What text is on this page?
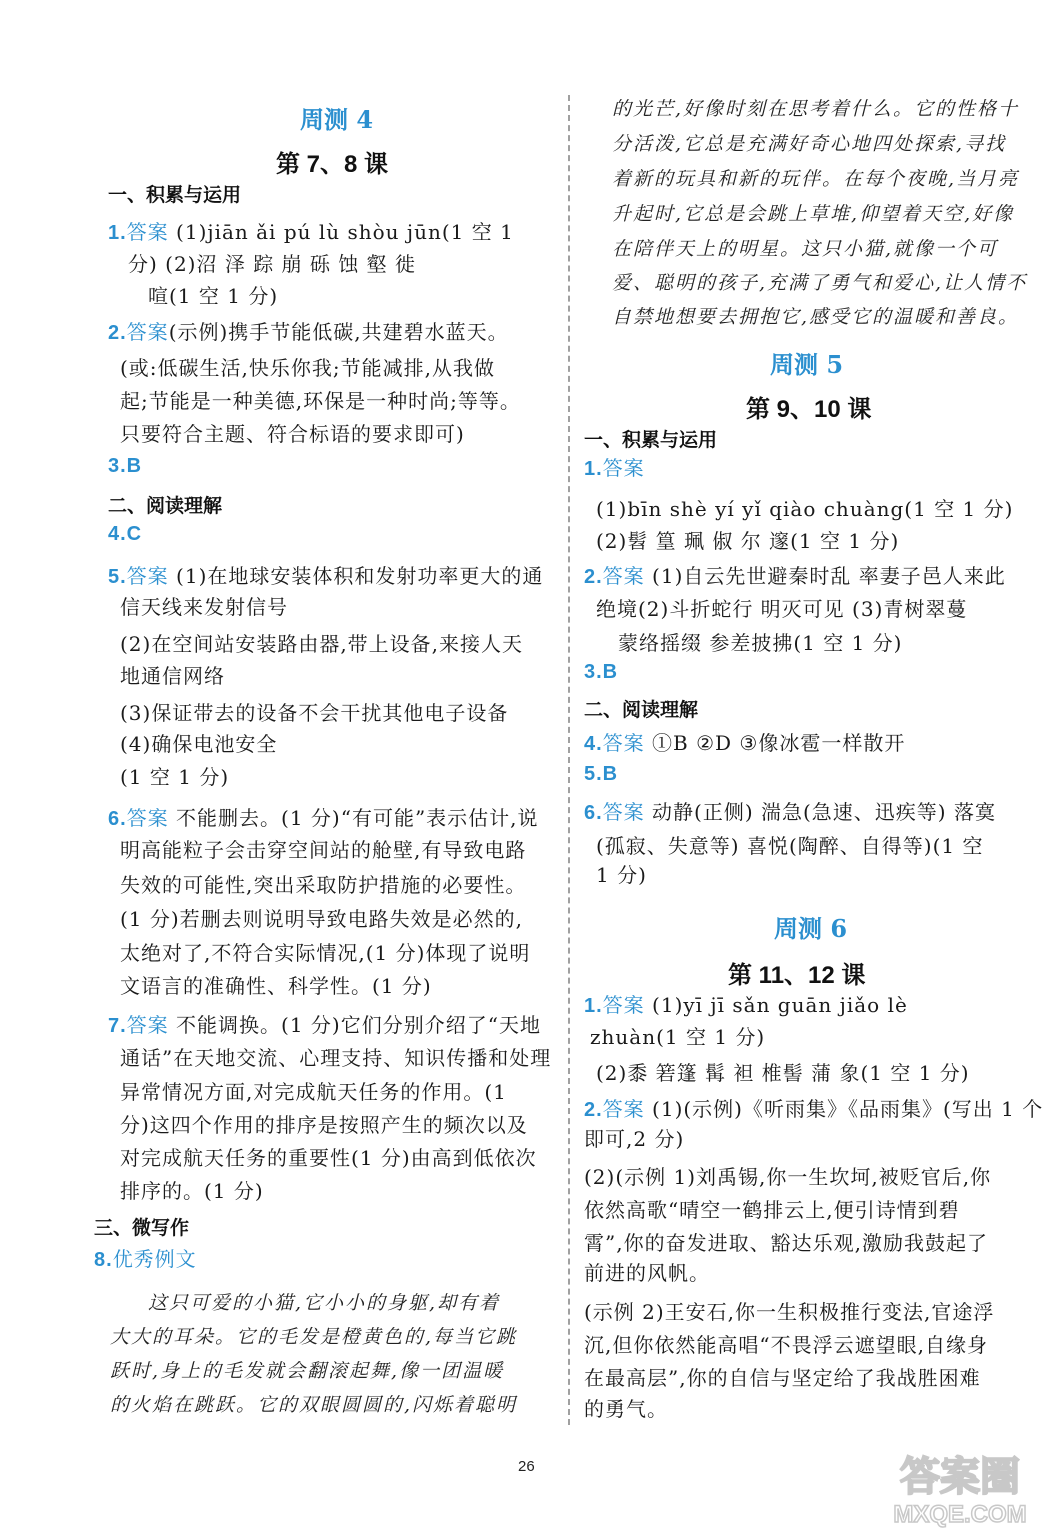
周测 4
第 7、8 课
一、积累与运用
1.答案 (1)jiān ǎi pú lù shòu jūn(1 空 1
分) (2)沼 泽 踪 崩 砾 蚀 壑 徙
喧(1 空 1 分)
2.答案(示例)携手节能低碳,共建碧水蓝天。
(或:低碳生活,快乐你我;节能减排,从我做
起;节能是一种美德,环保是一种时尚;等等。
只要符合主题、符合标语的要求即可)
3.B
二、阅读理解
4.C
5.答案 (1)在地球安装体积和发射功率更大的通
信天线来发射信号
(2)在空间站安装路由器,带上设备,来接人天
地通信网络
(3)保证带去的设备不会干扰其他电子设备
(4)确保电池安全
(1 空 1 分)
6.答案 不能删去。(1 分)“有可能”表示估计,说
明高能粒子会击穿空间站的舱壁,有导致电路
失效的可能性,突出采取防护措施的必要性。
(1 分)若删去则说明导致电路失效是必然的,
太绝对了,不符合实际情况,(1 分)体现了说明
文语言的准确性、科学性。(1 分)
7.答案 不能调换。(1 分)它们分别介绍了“天地
通话”在天地交流、心理支持、知识传播和处理
异常情况方面,对完成航天任务的作用。(1
分)这四个作用的排序是按照产生的频次以及
对完成航天任务的重要性(1 分)由高到低依次
排序的。(1 分)
三、微写作
8.优秀例文
这只可爱的小猫,它小小的身躯,却有着
大大的耳朵。它的毛发是橙黄色的,每当它跳
跃时,身上的毛发就会翻滚起舞,像一团温暖
的火焰在跳跃。它的双眼圆圆的,闪烁着聪明
的光芒,好像时刻在思考着什么。它的性格十
分活泼,它总是充满好奇心地四处探索,寻找
着新的玩具和新的玩伴。在每个夜晚,当月亮
升起时,它总是会跳上草堆,仰望着天空,好像
在陪伴天上的明星。这只小猫,就像一个可
爱、聪明的孩子,充满了勇气和爱心,让人情不
自禁地想要去拥抱它,感受它的温暖和善良。
周测 5
第 9、10 课
一、积累与运用
1.答案
(1)bīn shè yí yǐ qiào chuàng(1 空 1 分)
(2)髫 篁 珮 俶 尔 邃(1 空 1 分)
2.答案 (1)自云先世避秦时乱 率妻子邑人来此
绝境(2)斗折蛇行 明灭可见 (3)青树翠蔓
蒙络摇缀 参差披拂(1 空 1 分)
3.B
二、阅读理解
4.答案 ①B ②D ③像冰雹一样散开
5.B
6.答案 动静(正侧) 湍急(急速、迅疾等) 落寞
(孤寂、失意等) 喜悦(陶醉、自得等)(1 空
1 分)
周测 6
第 11、12 课
1.答案 (1)yī jī sǎn guān jiǎo lè
zhuàn(1 空 1 分)
(2)黍 箬篷 髯 袒 椎髻 蒲 象(1 空 1 分)
2.答案 (1)(示例)《听雨集》《品雨集》(写出 1 个
即可,2 分)
(2)(示例 1)刘禹锡,你一生坎坷,被贬官后,你
依然高歌“晴空一鹤排云上,便引诗情到碧
霄”,你的奋发进取、豁达乐观,激励我鼓起了
前进的风帆。
(示例 2)王安石,你一生积极推行变法,官途浮
沉,但你依然能高唱“不畏浮云遮望眼,自缘身
在最高层”,你的自信与坚定给了我战胜困难
的勇气。
26	答案圈
MXQE.COM
